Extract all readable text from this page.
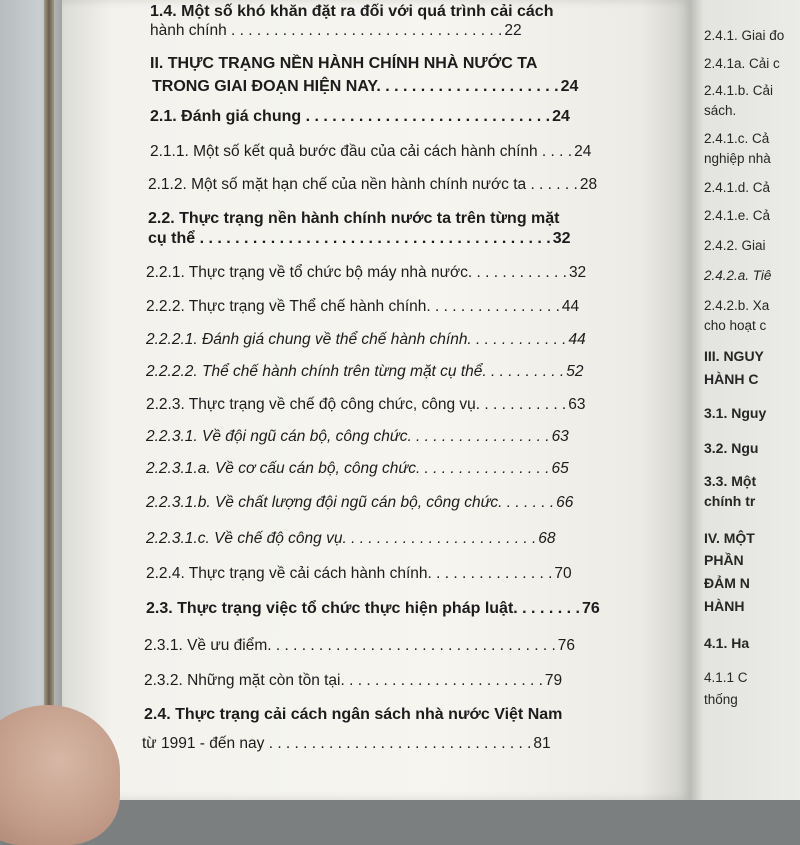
1.4. Một số khó khăn đặt ra đối với quá trình cải cách
hành chính . . . . . . . . . . . . . . . . . . . . . . . . . . . . . . . . 22
II. THỰC TRẠNG NỀN HÀNH CHÍNH NHÀ NƯỚC TA
TRONG GIAI ĐOẠN HIỆN NAY. . . . . . . . . . . . . . . . . . . . . 24
2.1. Đánh giá chung . . . . . . . . . . . . . . . . . . . . . . . . . . . . 24
2.1.1. Một số kết quả bước đầu của cải cách hành chính . . . . 24
2.1.2. Một số mặt hạn chế của nền hành chính nước ta . . . . . . 28
2.2. Thực trạng nền hành chính nước ta trên từng mặt
cụ thể . . . . . . . . . . . . . . . . . . . . . . . . . . . . . . . . . . . . . . . . 32
2.2.1. Thực trạng về tổ chức bộ máy nhà nước. . . . . . . . . . . . 32
2.2.2. Thực trạng về Thể chế hành chính. . . . . . . . . . . . . . . . 44
2.2.2.1. Đánh giá chung về thể chế hành chính. . . . . . . . . . . . 44
2.2.2.2. Thể chế hành chính trên từng mặt cụ thể. . . . . . . . . . 52
2.2.3. Thực trạng về chế độ công chức, công vụ. . . . . . . . . . . 63
2.2.3.1. Về đội ngũ cán bộ, công chức. . . . . . . . . . . . . . . . . 63
2.2.3.1.a. Về cơ cấu cán bộ, công chức. . . . . . . . . . . . . . . . 65
2.2.3.1.b. Về chất lượng đội ngũ cán bộ, công chức. . . . . . . 66
2.2.3.1.c. Về chế độ công vụ. . . . . . . . . . . . . . . . . . . . . . . 68
2.2.4. Thực trạng về cải cách hành chính. . . . . . . . . . . . . . . 70
2.3. Thực trạng việc tổ chức thực hiện pháp luật. . . . . . . . 76
2.3.1. Về ưu điểm. . . . . . . . . . . . . . . . . . . . . . . . . . . . . . . . . . 76
2.3.2. Những mặt còn tồn tại. . . . . . . . . . . . . . . . . . . . . . . . 79
2.4. Thực trạng cải cách ngân sách nhà nước Việt Nam
từ 1991 - đến nay . . . . . . . . . . . . . . . . . . . . . . . . . . . . . . . 81
2.4.1. Giai đo
2.4.1a. Cải c
2.4.1.b. Cải
sách.
2.4.1.c. Cả
nghiệp nhà
2.4.1.d. Cả
2.4.1.e. Cả
2.4.2. Giai
2.4.2.a. Tiê
2.4.2.b. Xa
cho hoạt c
III. NGUY
HÀNH C
3.1. Nguy
3.2. Ngu
3.3. Một
chính tr
IV. MỘT
PHẦN
ĐẢM N
HÀNH
4.1. Ha
4.1.1 C
thống
